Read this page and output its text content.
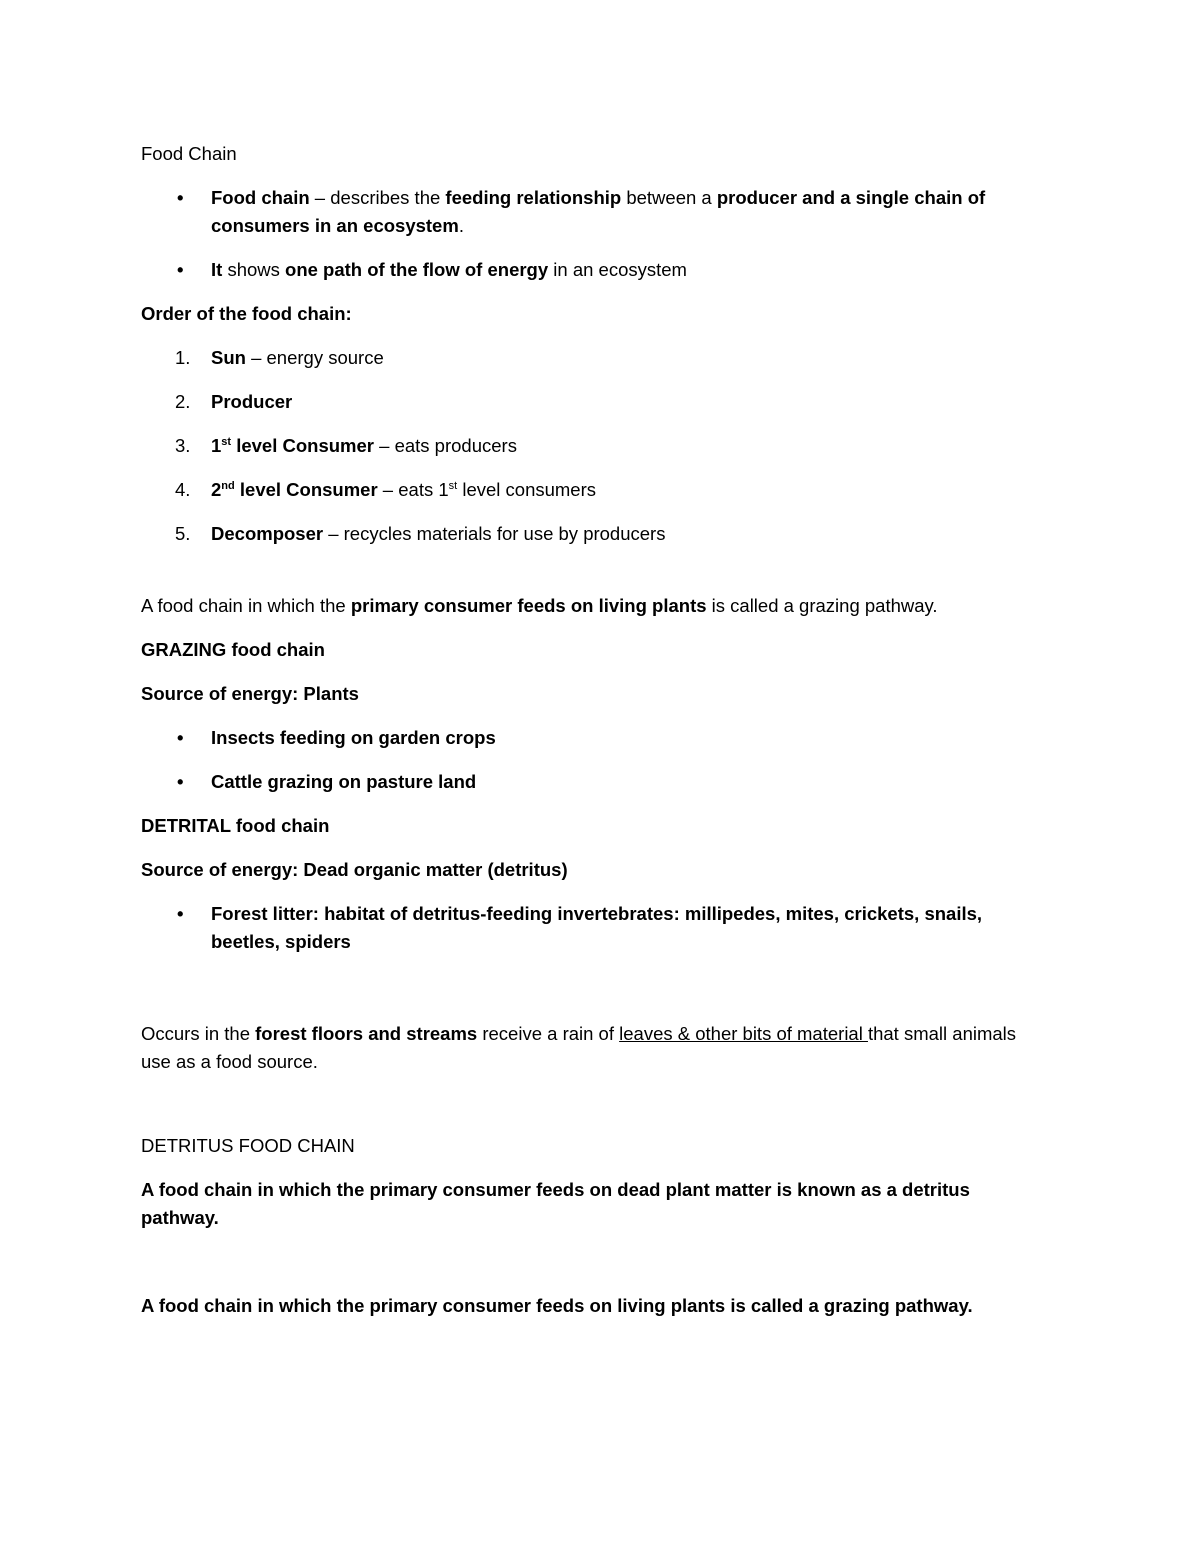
Food Chain

•	Food chain – describes the feeding relationship between a producer and a single chain of consumers in an ecosystem.
•	It shows one path of the flow of energy in an ecosystem

Order of the food chain:

1.	Sun – energy source
2.	Producer
3.	1st level Consumer – eats producers
4.	2nd level Consumer – eats 1st level consumers
5.	Decomposer – recycles materials for use by producers

A food chain in which the primary consumer feeds on living plants is called a grazing pathway.

GRAZING food chain

Source of energy: Plants

•	Insects feeding on garden crops
•	Cattle grazing on pasture land

DETRITAL food chain

Source of energy: Dead organic matter (detritus)

•	Forest litter: habitat of detritus-feeding invertebrates: millipedes, mites, crickets, snails, beetles, spiders

Occurs in the forest floors and streams receive a rain of leaves & other bits of material that small animals use as a food source.

DETRITUS FOOD CHAIN

A food chain in which the primary consumer feeds on dead plant matter is known as a detritus pathway.

A food chain in which the primary consumer feeds on living plants is called a grazing pathway.
